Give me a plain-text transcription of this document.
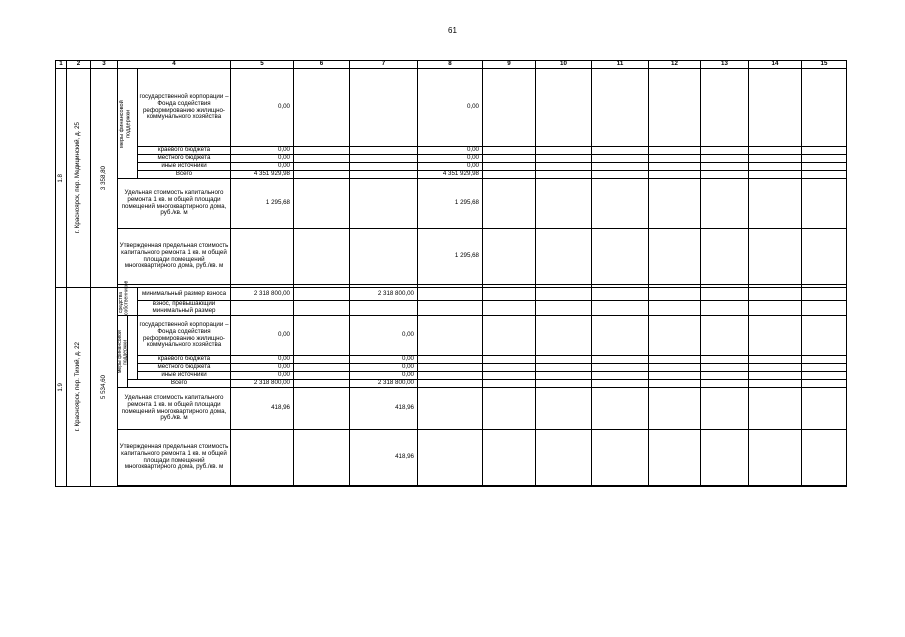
61
1	2	3	4			5	6	7	8	9	10	11	12	13	14	15

1.8	г. Красноярск, пер. Медицинский, д. 25	3 358,80	меры финансовой поддержки		государственной корпорации – Фонда содействия реформированию жилищно-коммунального хозяйства	0,00			0,00							
					краевого бюджета	0,00			0,00							
					местного бюджета	0,00			0,00							
					иные источники	0,00			0,00							
					Всего	4 351 929,98			4 351 929,98							
			Удельная стоимость капитального ремонта 1 кв. м общей площади помещений многоквартирного дома, руб./кв. м			1 295,68			1 295,68							
			Утвержденная предельная стоимость капитального ремонта 1 кв. м общей площади помещений многоквартирного дома, руб./кв. м						1 295,68							

1.9	г. Красноярск, пер. Тихий, д. 22	5 534,60	средства собственников		минимальный размер взноса	2 318 800,00		2 318 800,00								
					взнос, превышающий минимальный размер											

			меры финансовой поддержки		государственной корпорации – Фонда содействия реформированию жилищно-коммунального хозяйства	0,00		0,00								
					краевого бюджета	0,00		0,00								
					местного бюджета	0,00		0,00								
					иные источники	0,00		0,00								
				Всего		2 318 800,00		2 318 800,00								
			Удельная стоимость капитального ремонта 1 кв. м общей площади помещений многоквартирного дома, руб./кв. м			418,96		418,96								
			Утвержденная предельная стоимость капитального ремонта 1 кв. м общей площади помещений многоквартирного дома, руб./кв. м					418,96								
